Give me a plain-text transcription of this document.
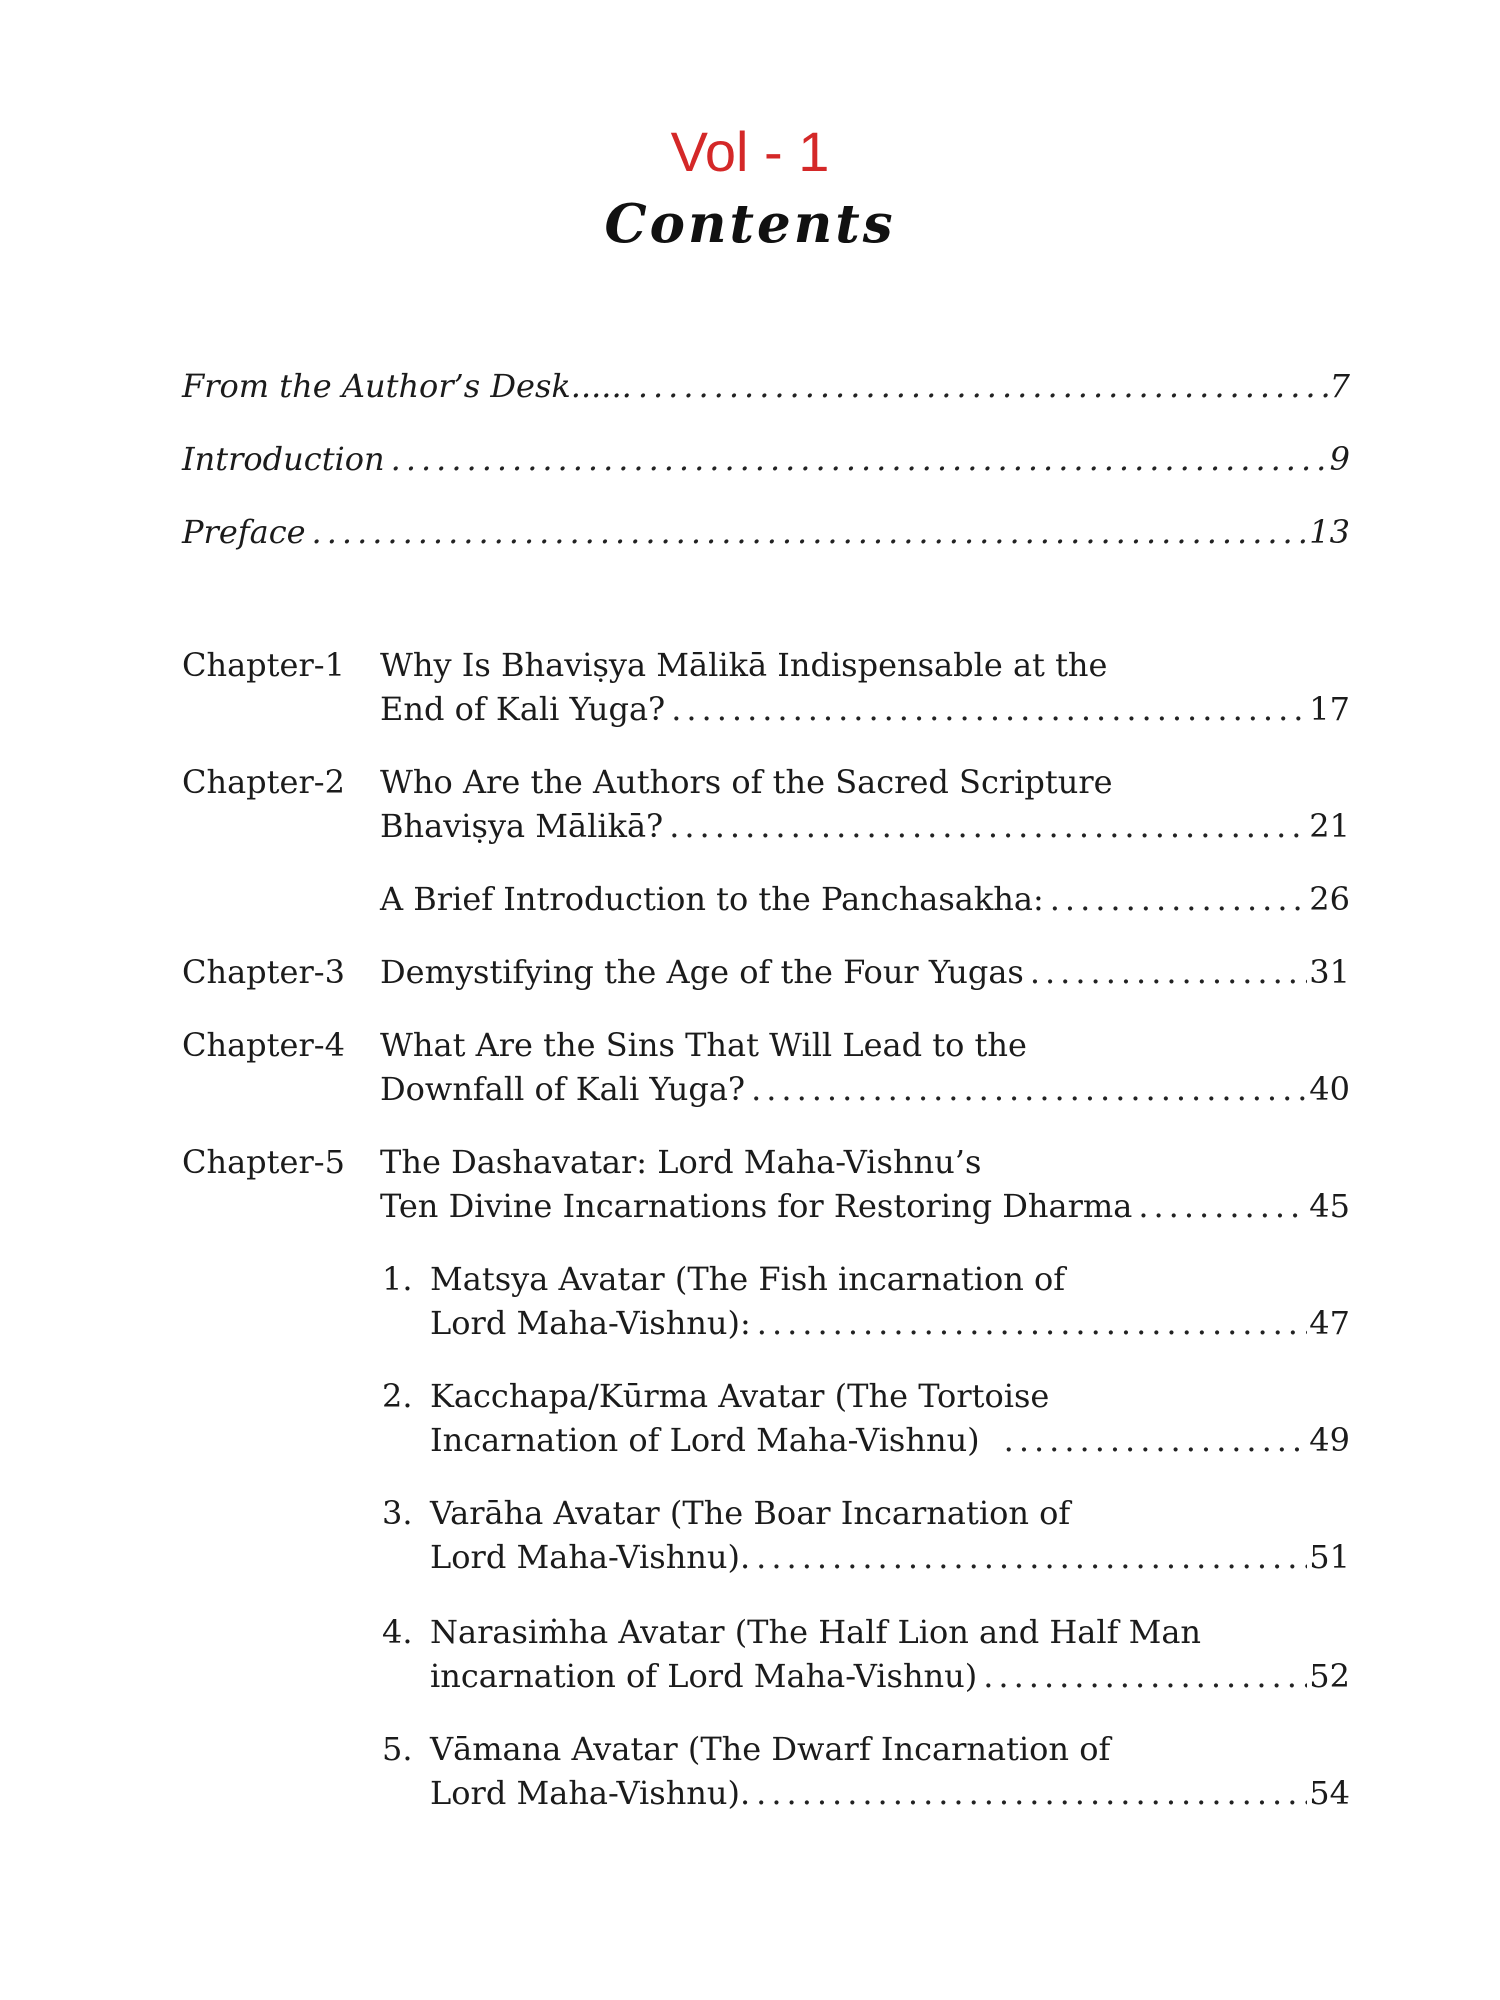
Vol - 1
Contents
From the Author’s Desk...... .....	7
Introduction .....	9
Preface .....	13
Chapter-1 Why Is Bhaviṣya Mālikā Indispensable at the
End of Kali Yuga? .....	17
Chapter-2 Who Are the Authors of the Sacred Scripture
Bhaviṣya Mālikā? .....	21
A Brief Introduction to the Panchasakha: .....	26
Chapter-3 Demystifying the Age of the Four Yugas .....	31
Chapter-4 What Are the Sins That Will Lead to the
Downfall of Kali Yuga? .....	40
Chapter-5 The Dashavatar: Lord Maha-Vishnu’s
Ten Divine Incarnations for Restoring Dharma .....	45
1. Matsya Avatar (The Fish incarnation of
Lord Maha-Vishnu): .....	47
2. Kacchapa/Kūrma Avatar (The Tortoise
Incarnation of Lord Maha-Vishnu) .....	49
3. Varāha Avatar (The Boar Incarnation of
Lord Maha-Vishnu). .....	51
4. Narasiṁha Avatar (The Half Lion and Half Man
incarnation of Lord Maha-Vishnu) .....	52
5. Vāmana Avatar (The Dwarf Incarnation of
Lord Maha-Vishnu). .....	54
